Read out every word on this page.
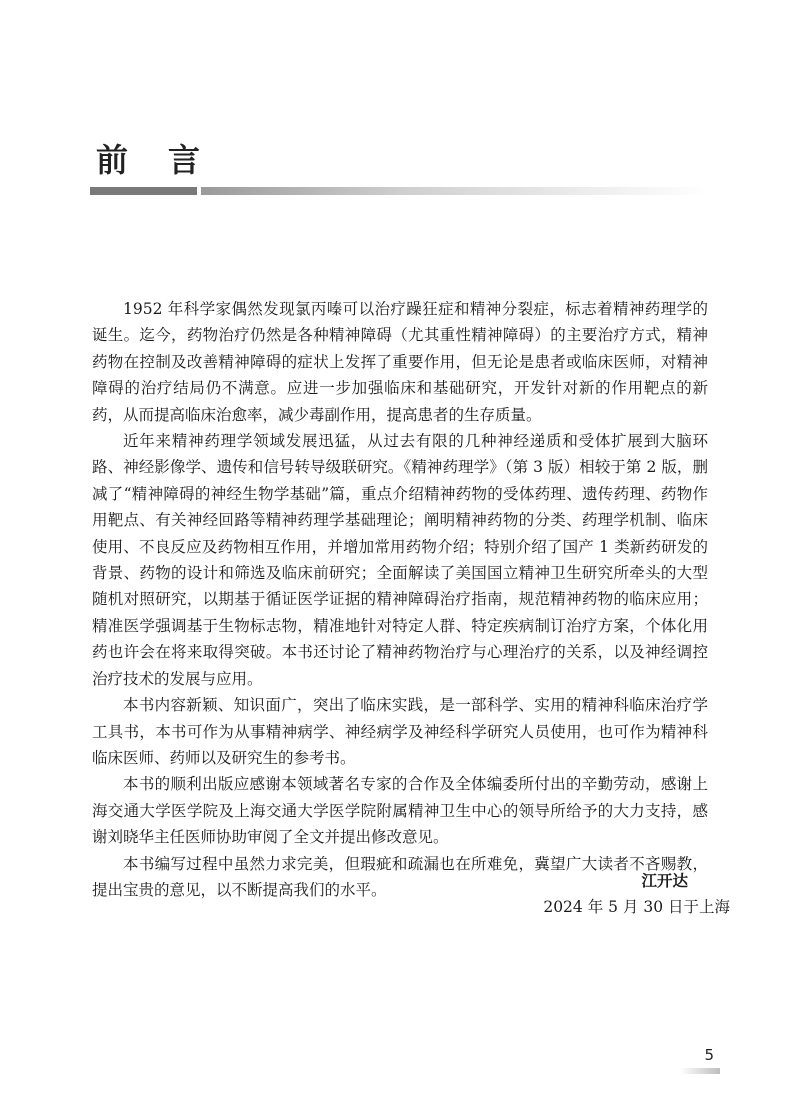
前言

1952 年科学家偶然发现氯丙嗪可以治疗躁狂症和精神分裂症，标志着精神药理学的诞生。迄今，药物治疗仍然是各种精神障碍（尤其重性精神障碍）的主要治疗方式，精神药物在控制及改善精神障碍的症状上发挥了重要作用，但无论是患者或临床医师，对精神障碍的治疗结局仍不满意。应进一步加强临床和基础研究，开发针对新的作用靶点的新药，从而提高临床治愈率，减少毒副作用，提高患者的生存质量。

近年来精神药理学领域发展迅猛，从过去有限的几种神经递质和受体扩展到大脑环路、神经影像学、遗传和信号转导级联研究。《精神药理学》（第 3 版）相较于第 2 版，删减了“精神障碍的神经生物学基础”篇，重点介绍精神药物的受体药理、遗传药理、药物作用靶点、有关神经回路等精神药理学基础理论；阐明精神药物的分类、药理学机制、临床使用、不良反应及药物相互作用，并增加常用药物介绍；特别介绍了国产 1 类新药研发的背景、药物的设计和筛选及临床前研究；全面解读了美国国立精神卫生研究所牵头的大型随机对照研究，以期基于循证医学证据的精神障碍治疗指南，规范精神药物的临床应用；精准医学强调基于生物标志物，精准地针对特定人群、特定疾病制订治疗方案，个体化用药也许会在将来取得突破。本书还讨论了精神药物治疗与心理治疗的关系，以及神经调控治疗技术的发展与应用。

本书内容新颖、知识面广，突出了临床实践，是一部科学、实用的精神科临床治疗学工具书，本书可作为从事精神病学、神经病学及神经科学研究人员使用，也可作为精神科临床医师、药师以及研究生的参考书。

本书的顺利出版应感谢本领域著名专家的合作及全体编委所付出的辛勤劳动，感谢上海交通大学医学院及上海交通大学医学院附属精神卫生中心的领导所给予的大力支持，感谢刘晓华主任医师协助审阅了全文并提出修改意见。

本书编写过程中虽然力求完美，但瑕疵和疏漏也在所难免，冀望广大读者不吝赐教，提出宝贵的意见，以不断提高我们的水平。	江开达
2024 年 5 月 30 日于上海
5
